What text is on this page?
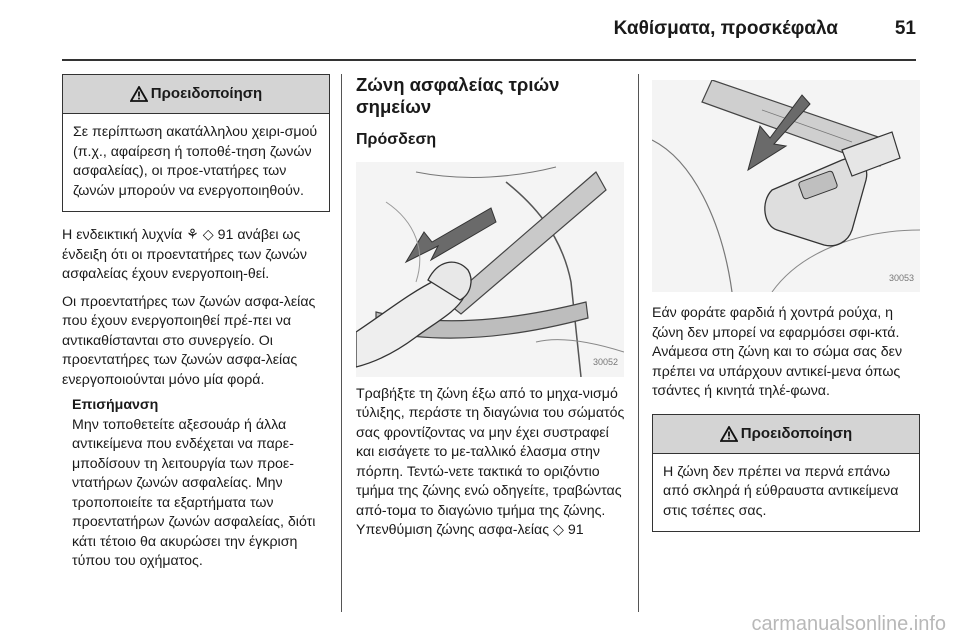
Καθίσματα, προσκέφαλα	51
Προειδοποίηση
Σε περίπτωση ακατάλληλου χειρι-σμού (π.χ., αφαίρεση ή τοποθέ-τηση ζωνών ασφαλείας), οι προε-ντατήρες των ζωνών μπορούν να ενεργοποιηθούν.

Η ενδεικτική λυχνία ⚘ ◇ 91 ανάβει ως ένδειξη ότι οι προεντατήρες των ζωνών ασφαλείας έχουν ενεργοποιη-θεί.

Οι προεντατήρες των ζωνών ασφα-λείας που έχουν ενεργοποιηθεί πρέ-πει να αντικαθίστανται στο συνεργείο. Οι προεντατήρες των ζωνών ασφα-λείας ενεργοποιούνται μόνο μία φορά.

Επισήμανση
Μην τοποθετείτε αξεσουάρ ή άλλα αντικείμενα που ενδέχεται να παρε-μποδίσουν τη λειτουργία των προε-ντατήρων ζωνών ασφαλείας. Μην τροποποιείτε τα εξαρτήματα των προεντατήρων ζωνών ασφαλείας, διότι κάτι τέτοιο θα ακυρώσει την έγκριση τύπου του οχήματος.
Ζώνη ασφαλείας τριών σημείων
Πρόσδεση
30052

Τραβήξτε τη ζώνη έξω από το μηχα-νισμό τύλιξης, περάστε τη διαγώνια του σώματός σας φροντίζοντας να μην έχει συστραφεί και εισάγετε το με-ταλλικό έλασμα στην πόρπη. Τεντώ-νετε τακτικά το οριζόντιο τμήμα της ζώνης ενώ οδηγείτε, τραβώντας από-τομα το διαγώνιο τμήμα της ζώνης.

Υπενθύμιση ζώνης ασφα-λείας ◇ 91

30053

Εάν φοράτε φαρδιά ή χοντρά ρούχα, η ζώνη δεν μπορεί να εφαρμόσει σφι-κτά. Ανάμεσα στη ζώνη και το σώμα σας δεν πρέπει να υπάρχουν αντικεί-μενα όπως τσάντες ή κινητά τηλέ-φωνα.

Προειδοποίηση
Η ζώνη δεν πρέπει να περνά επάνω από σκληρά ή εύθραυστα αντικείμενα στις τσέπες σας.
carmanualsonline.info
